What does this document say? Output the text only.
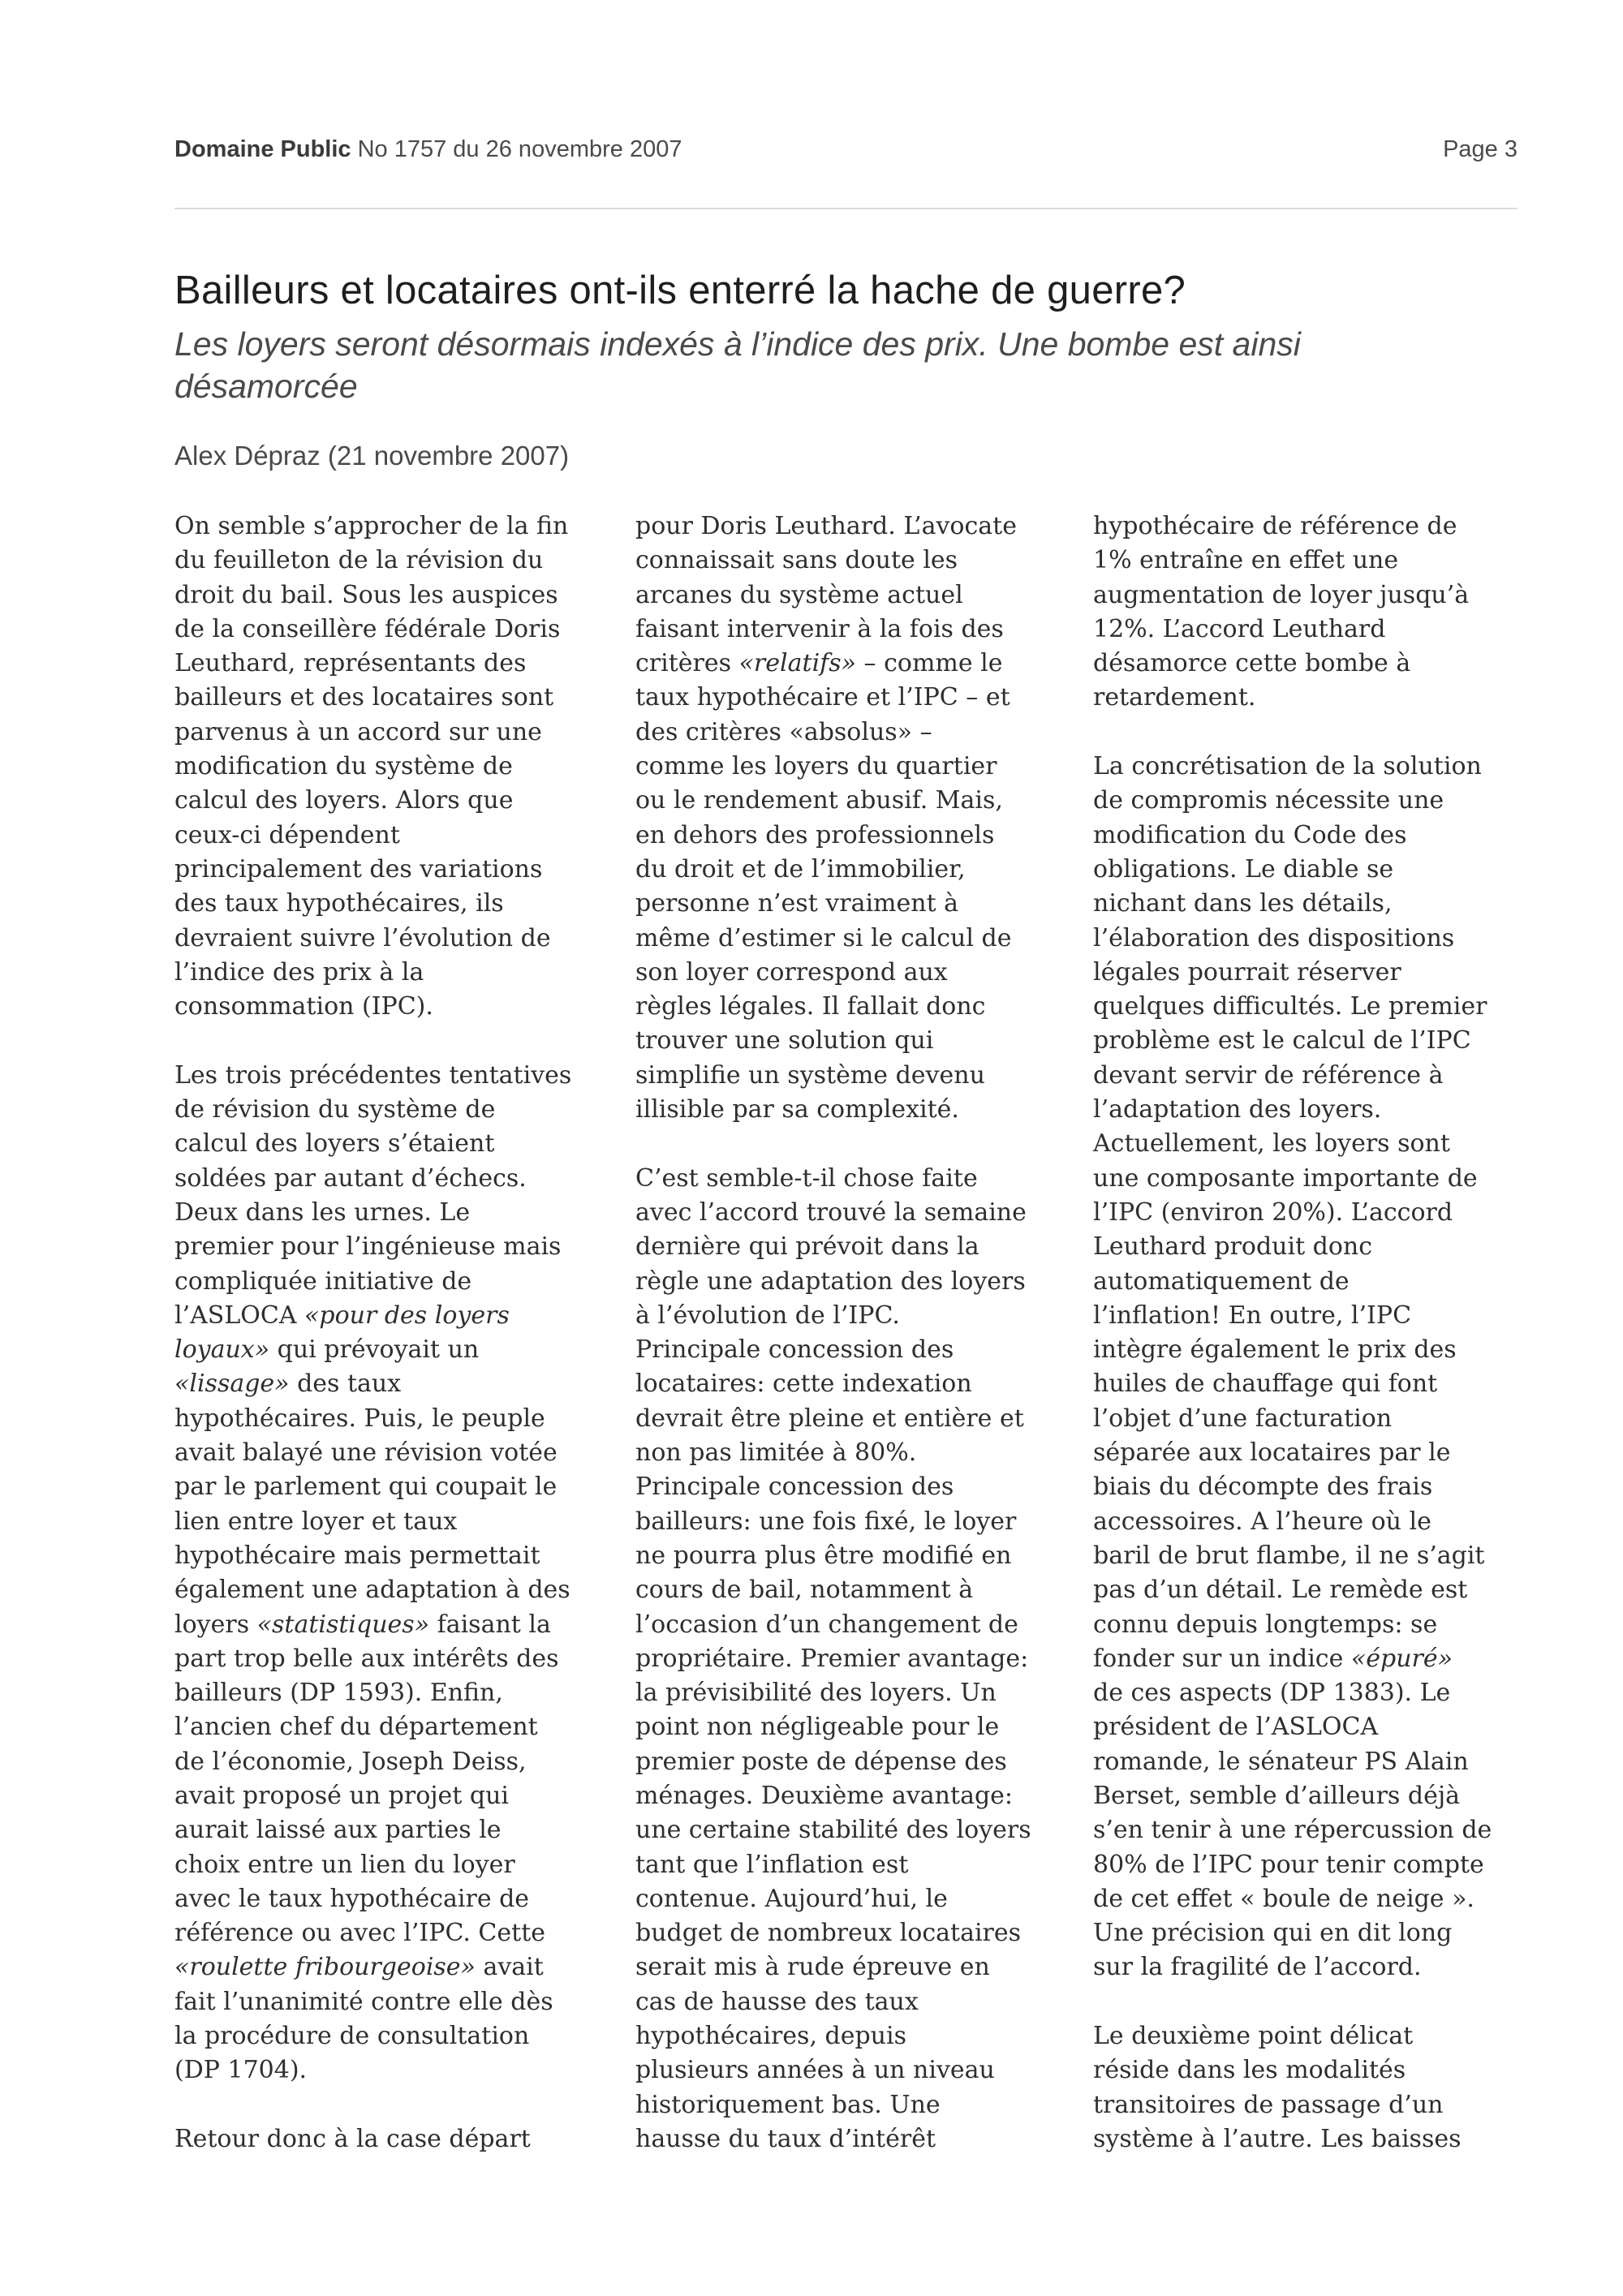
Domaine Public No 1757 du 26 novembre 2007	Page 3
Bailleurs et locataires ont-ils enterré la hache de guerre?
Les loyers seront désormais indexés à l’indice des prix. Une bombe est ainsi
désamorcée
Alex Dépraz (21 novembre 2007)
On semble s’approcher de la fin
du feuilleton de la révision du
droit du bail. Sous les auspices
de la conseillère fédérale Doris
Leuthard, représentants des
bailleurs et des locataires sont
parvenus à un accord sur une
modification du système de
calcul des loyers. Alors que
ceux-ci dépendent
principalement des variations
des taux hypothécaires, ils
devraient suivre l’évolution de
l’indice des prix à la
consommation (IPC).
Les trois précédentes tentatives
de révision du système de
calcul des loyers s’étaient
soldées par autant d’échecs.
Deux dans les urnes. Le
premier pour l’ingénieuse mais
compliquée initiative de
l’ASLOCA «pour des loyers
loyaux» qui prévoyait un
«lissage» des taux
hypothécaires. Puis, le peuple
avait balayé une révision votée
par le parlement qui coupait le
lien entre loyer et taux
hypothécaire mais permettait
également une adaptation à des
loyers «statistiques» faisant la
part trop belle aux intérêts des
bailleurs (DP 1593). Enfin,
l’ancien chef du département
de l’économie, Joseph Deiss,
avait proposé un projet qui
aurait laissé aux parties le
choix entre un lien du loyer
avec le taux hypothécaire de
référence ou avec l’IPC. Cette
«roulette fribourgeoise» avait
fait l’unanimité contre elle dès
la procédure de consultation
(DP 1704).
Retour donc à la case départ
pour Doris Leuthard. L’avocate
connaissait sans doute les
arcanes du système actuel
faisant intervenir à la fois des
critères «relatifs» – comme le
taux hypothécaire et l’IPC – et
des critères «absolus» –
comme les loyers du quartier
ou le rendement abusif. Mais,
en dehors des professionnels
du droit et de l’immobilier,
personne n’est vraiment à
même d’estimer si le calcul de
son loyer correspond aux
règles légales. Il fallait donc
trouver une solution qui
simplifie un système devenu
illisible par sa complexité.
C’est semble-t-il chose faite
avec l’accord trouvé la semaine
dernière qui prévoit dans la
règle une adaptation des loyers
à l’évolution de l’IPC.
Principale concession des
locataires: cette indexation
devrait être pleine et entière et
non pas limitée à 80%.
Principale concession des
bailleurs: une fois fixé, le loyer
ne pourra plus être modifié en
cours de bail, notamment à
l’occasion d’un changement de
propriétaire. Premier avantage:
la prévisibilité des loyers. Un
point non négligeable pour le
premier poste de dépense des
ménages. Deuxième avantage:
une certaine stabilité des loyers
tant que l’inflation est
contenue. Aujourd’hui, le
budget de nombreux locataires
serait mis à rude épreuve en
cas de hausse des taux
hypothécaires, depuis
plusieurs années à un niveau
historiquement bas. Une
hausse du taux d’intérêt
hypothécaire de référence de
1% entraîne en effet une
augmentation de loyer jusqu’à
12%. L’accord Leuthard
désamorce cette bombe à
retardement.
La concrétisation de la solution
de compromis nécessite une
modification du Code des
obligations. Le diable se
nichant dans les détails,
l’élaboration des dispositions
légales pourrait réserver
quelques difficultés. Le premier
problème est le calcul de l’IPC
devant servir de référence à
l’adaptation des loyers.
Actuellement, les loyers sont
une composante importante de
l’IPC (environ 20%). L’accord
Leuthard produit donc
automatiquement de
l’inflation! En outre, l’IPC
intègre également le prix des
huiles de chauffage qui font
l’objet d’une facturation
séparée aux locataires par le
biais du décompte des frais
accessoires. A l’heure où le
baril de brut flambe, il ne s’agit
pas d’un détail. Le remède est
connu depuis longtemps: se
fonder sur un indice «épuré»
de ces aspects (DP 1383). Le
président de l’ASLOCA
romande, le sénateur PS Alain
Berset, semble d’ailleurs déjà
s’en tenir à une répercussion de
80% de l’IPC pour tenir compte
de cet effet « boule de neige ».
Une précision qui en dit long
sur la fragilité de l’accord.
Le deuxième point délicat
réside dans les modalités
transitoires de passage d’un
système à l’autre. Les baisses
